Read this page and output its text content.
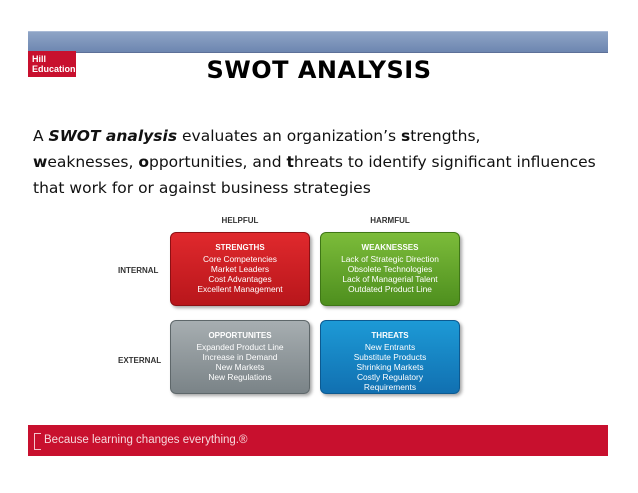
Hill
Education	SWOT ANALYSIS
A SWOT analysis evaluates an organization’s strengths,
weaknesses, opportunities, and threats to identify significant influences that work for or against business strategies
HELPFUL	HARMFUL
INTERNAL
EXTERNAL
STRENGTHS
Core Competencies
Market Leaders
Cost Advantages
Excellent Management
WEAKNESSES
Lack of Strategic Direction
Obsolete Technologies
Lack of Managerial Talent
Outdated Product Line
OPPORTUNITES
Expanded Product Line
Increase in Demand
New Markets
New Regulations
THREATS
New Entrants
Substitute Products
Shrinking Markets
Costly Regulatory
Requirements
Because learning changes everything.®
